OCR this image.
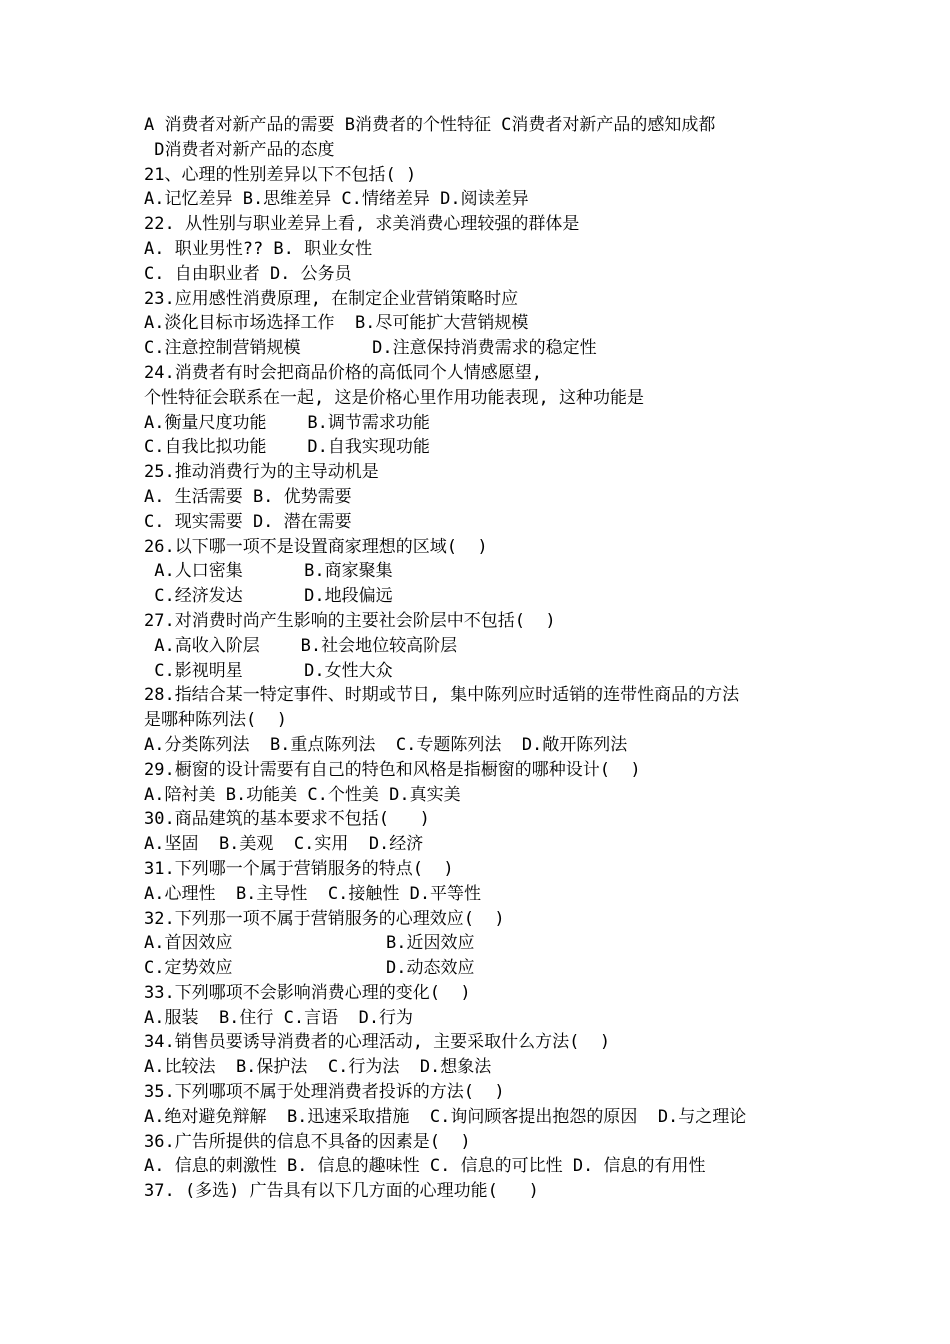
A 消费者对新产品的需要 B消费者的个性特征 C消费者对新产品的感知成都
D消费者对新产品的态度
21、心理的性别差异以下不包括( )
A.记忆差异 B.思维差异 C.情绪差异 D.阅读差异
22. 从性别与职业差异上看, 求美消费心理较强的群体是
A. 职业男性?? B. 职业女性
C. 自由职业者 D. 公务员
23.应用感性消费原理, 在制定企业营销策略时应
A.淡化目标市场选择工作  B.尽可能扩大营销规模
C.注意控制营销规模       D.注意保持消费需求的稳定性
24.消费者有时会把商品价格的高低同个人情感愿望,
个性特征会联系在一起, 这是价格心里作用功能表现, 这种功能是
A.衡量尺度功能    B.调节需求功能
C.自我比拟功能    D.自我实现功能
25.推动消费行为的主导动机是
A. 生活需要 B. 优势需要
C. 现实需要 D. 潜在需要
26.以下哪一项不是设置商家理想的区域(  )
A.人口密集      B.商家聚集
C.经济发达      D.地段偏远
27.对消费时尚产生影响的主要社会阶层中不包括(  )
A.高收入阶层    B.社会地位较高阶层
C.影视明星      D.女性大众
28.指结合某一特定事件、时期或节日, 集中陈列应时适销的连带性商品的方法
是哪种陈列法(  )
A.分类陈列法  B.重点陈列法  C.专题陈列法  D.敞开陈列法
29.橱窗的设计需要有自己的特色和风格是指橱窗的哪种设计(  )
A.陪衬美 B.功能美 C.个性美 D.真实美
30.商品建筑的基本要求不包括(   )
A.坚固  B.美观  C.实用  D.经济
31.下列哪一个属于营销服务的特点(  )
A.心理性  B.主导性  C.接触性 D.平等性
32.下列那一项不属于营销服务的心理效应(  )
A.首因效应               B.近因效应
C.定势效应               D.动态效应
33.下列哪项不会影响消费心理的变化(  )
A.服装  B.住行 C.言语  D.行为
34.销售员要诱导消费者的心理活动, 主要采取什么方法(  )
A.比较法  B.保护法  C.行为法  D.想象法
35.下列哪项不属于处理消费者投诉的方法(  )
A.绝对避免辩解  B.迅速采取措施  C.询问顾客提出抱怨的原因  D.与之理论
36.广告所提供的信息不具备的因素是(  )
A. 信息的刺激性 B. 信息的趣味性 C. 信息的可比性 D. 信息的有用性
37. (多选) 广告具有以下几方面的心理功能(   )
